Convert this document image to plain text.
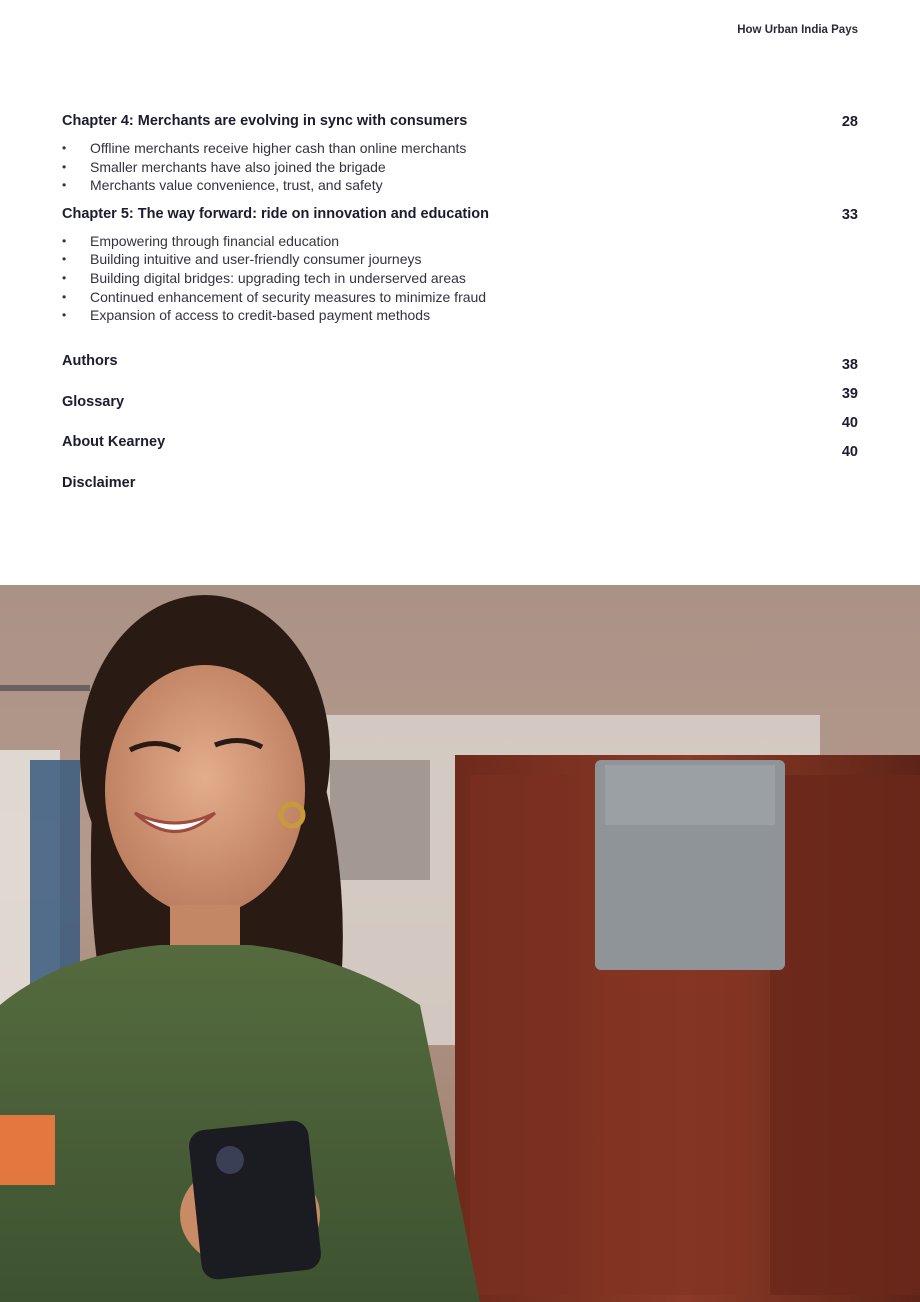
How Urban India Pays
Chapter 4: Merchants are evolving in sync with consumers	28
• Offline merchants receive higher cash than online merchants
• Smaller merchants have also joined the brigade
• Merchants value convenience, trust, and safety
Chapter 5: The way forward: ride on innovation and education	33
• Empowering through financial education
• Building intuitive and user-friendly consumer journeys
• Building digital bridges: upgrading tech in underserved areas
• Continued enhancement of security measures to minimize fraud
• Expansion of access to credit-based payment methods
Authors
Glossary
About Kearney
Disclaimer
38
39
40
40
